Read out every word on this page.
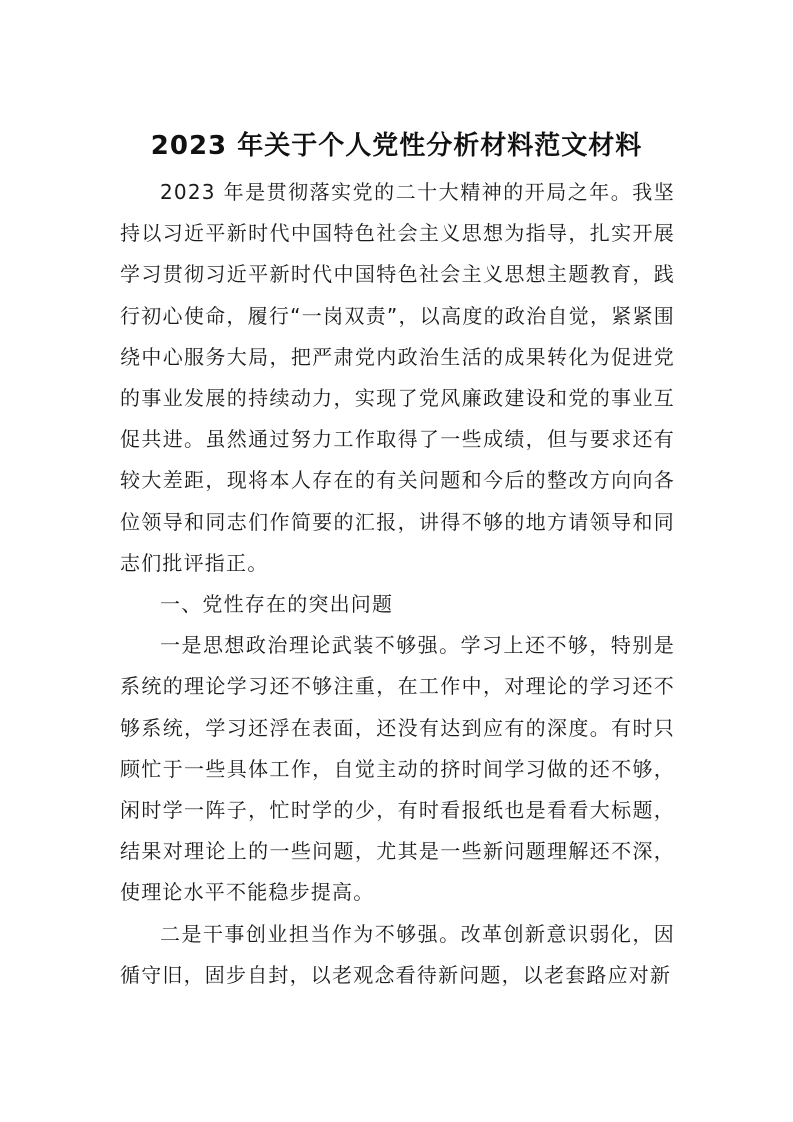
2023 年关于个人党性分析材料范文材料

2023 年是贯彻落实党的二十大精神的开局之年。我坚持以习近平新时代中国特色社会主义思想为指导，扎实开展学习贯彻习近平新时代中国特色社会主义思想主题教育，践行初心使命，履行“一岗双责”，以高度的政治自觉，紧紧围绕中心服务大局，把严肃党内政治生活的成果转化为促进党的事业发展的持续动力，实现了党风廉政建设和党的事业互促共进。虽然通过努力工作取得了一些成绩，但与要求还有较大差距，现将本人存在的有关问题和今后的整改方向向各位领导和同志们作简要的汇报，讲得不够的地方请领导和同志们批评指正。

一、党性存在的突出问题

一是思想政治理论武装不够强。学习上还不够，特别是系统的理论学习还不够注重，在工作中，对理论的学习还不够系统，学习还浮在表面，还没有达到应有的深度。有时只顾忙于一些具体工作，自觉主动的挤时间学习做的还不够，闲时学一阵子，忙时学的少，有时看报纸也是看看大标题，结果对理论上的一些问题，尤其是一些新问题理解还不深，使理论水平不能稳步提高。

二是干事创业担当作为不够强。改革创新意识弱化，因循守旧，固步自封，以老观念看待新问题，以老套路应对新
